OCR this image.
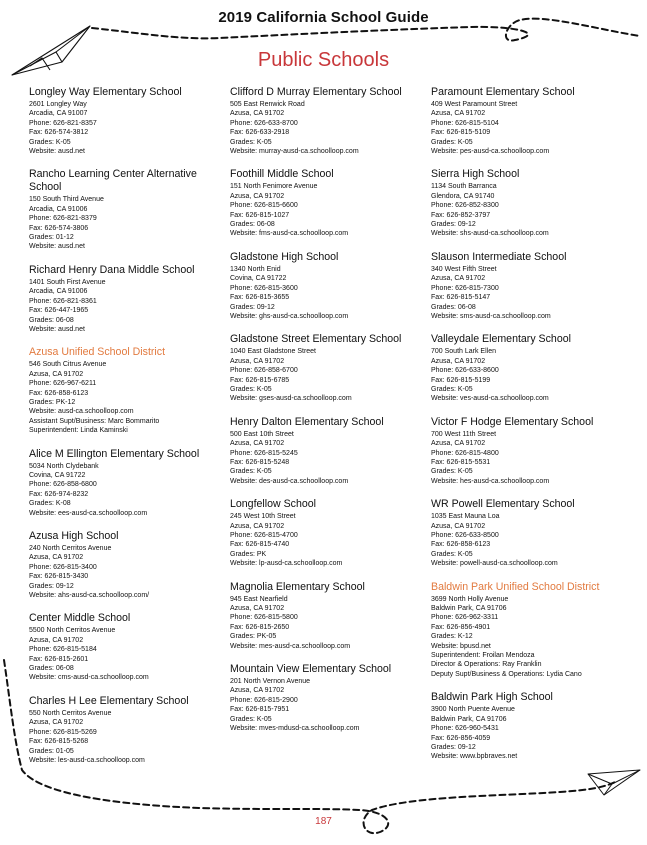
2019 California School Guide
Public Schools
Longley Way Elementary School
2601 Longley Way
Arcadia, CA 91007
Phone: 626-821-8357
Fax: 626-574-3812
Grades: K-05
Website: ausd.net
Rancho Learning Center Alternative School
150 South Third Avenue
Arcadia, CA 91006
Phone: 626-821-8379
Fax: 626-574-3806
Grades: 01-12
Website: ausd.net
Richard Henry Dana Middle School
1401 South First Avenue
Arcadia, CA 91006
Phone: 626-821-8361
Fax: 626-447-1965
Grades: 06-08
Website: ausd.net
Azusa Unified School District
546 South Citrus Avenue
Azusa, CA 91702
Phone: 626-967-6211
Fax: 626-858-6123
Grades: PK-12
Website: ausd-ca.schoolloop.com
Assistant Supt/Business: Marc Bommarito
Superintendent: Linda Kaminski
Alice M Ellington Elementary School
5034 North Clydebank
Covina, CA 91722
Phone: 626-858-6800
Fax: 626-974-8232
Grades: K-08
Website: ees-ausd-ca.schoolloop.com
Azusa High School
240 North Cerritos Avenue
Azusa, CA 91702
Phone: 626-815-3400
Fax: 626-815-3430
Grades: 09-12
Website: ahs-ausd-ca.schoolloop.com/
Center Middle School
5500 North Cerritos Avenue
Azusa, CA 91702
Phone: 626-815-5184
Fax: 626-815-2601
Grades: 06-08
Website: cms-ausd-ca.schoolloop.com
Charles H Lee Elementary School
550 North Cerritos Avenue
Azusa, CA 91702
Phone: 626-815-5269
Fax: 626-815-5268
Grades: 01-05
Website: les-ausd-ca.schoolloop.com
Clifford D Murray Elementary School
505 East Renwick Road
Azusa, CA 91702
Phone: 626-633-8700
Fax: 626-633-2918
Grades: K-05
Website: murray-ausd-ca.schoolloop.com
Foothill Middle School
151 North Fenimore Avenue
Azusa, CA 91702
Phone: 626-815-6600
Fax: 626-815-1027
Grades: 06-08
Website: fms-ausd-ca.schoolloop.com
Gladstone High School
1340 North Enid
Covina, CA 91722
Phone: 626-815-3600
Fax: 626-815-3655
Grades: 09-12
Website: ghs-ausd-ca.schoolloop.com
Gladstone Street Elementary School
1040 East Gladstone Street
Azusa, CA 91702
Phone: 626-858-6700
Fax: 626-815-6785
Grades: K-05
Website: gses-ausd-ca.schoolloop.com
Henry Dalton Elementary School
500 East 10th Street
Azusa, CA 91702
Phone: 626-815-5245
Fax: 626-815-5248
Grades: K-05
Website: des-ausd-ca.schoolloop.com
Longfellow School
245 West 10th Street
Azusa, CA 91702
Phone: 626-815-4700
Fax: 626-815-4740
Grades: PK
Website: lp-ausd-ca.schoolloop.com
Magnolia Elementary School
945 East Nearfield
Azusa, CA 91702
Phone: 626-815-5800
Fax: 626-815-2650
Grades: PK-05
Website: mes-ausd-ca.schoolloop.com
Mountain View Elementary School
201 North Vernon Avenue
Azusa, CA 91702
Phone: 626-815-2900
Fax: 626-815-7951
Grades: K-05
Website: mves-mdusd-ca.schoolloop.com
Paramount Elementary School
409 West Paramount Street
Azusa, CA 91702
Phone: 626-815-5104
Fax: 626-815-5109
Grades: K-05
Website: pes-ausd-ca.schoolloop.com
Sierra High School
1134 South Barranca
Glendora, CA 91740
Phone: 626-852-8300
Fax: 626-852-3797
Grades: 09-12
Website: shs-ausd-ca.schoolloop.com
Slauson Intermediate School
340 West Fifth Street
Azusa, CA 91702
Phone: 626-815-7300
Fax: 626-815-5147
Grades: 06-08
Website: sms-ausd-ca.schoolloop.com
Valleydale Elementary School
700 South Lark Ellen
Azusa, CA 91702
Phone: 626-633-8600
Fax: 626-815-5199
Grades: K-05
Website: ves-ausd-ca.schoolloop.com
Victor F Hodge Elementary School
700 West 11th Street
Azusa, CA 91702
Phone: 626-815-4800
Fax: 626-815-5531
Grades: K-05
Website: hes-ausd-ca.schoolloop.com
WR Powell Elementary School
1035 East Mauna Loa
Azusa, CA 91702
Phone: 626-633-8500
Fax: 626-858-6123
Grades: K-05
Website: powell-ausd-ca.schoolloop.com
Baldwin Park Unified School District
3699 North Holly Avenue
Baldwin Park, CA 91706
Phone: 626-962-3311
Fax: 626-856-4901
Grades: K-12
Website: bpusd.net
Superintendent: Froilan Mendoza
Director & Operations: Ray Franklin
Deputy Supt/Business & Operations: Lydia Cano
Baldwin Park High School
3900 North Puente Avenue
Baldwin Park, CA 91706
Phone: 626-960-5431
Fax: 626-856-4059
Grades: 09-12
Website: www.bpbraves.net
187
